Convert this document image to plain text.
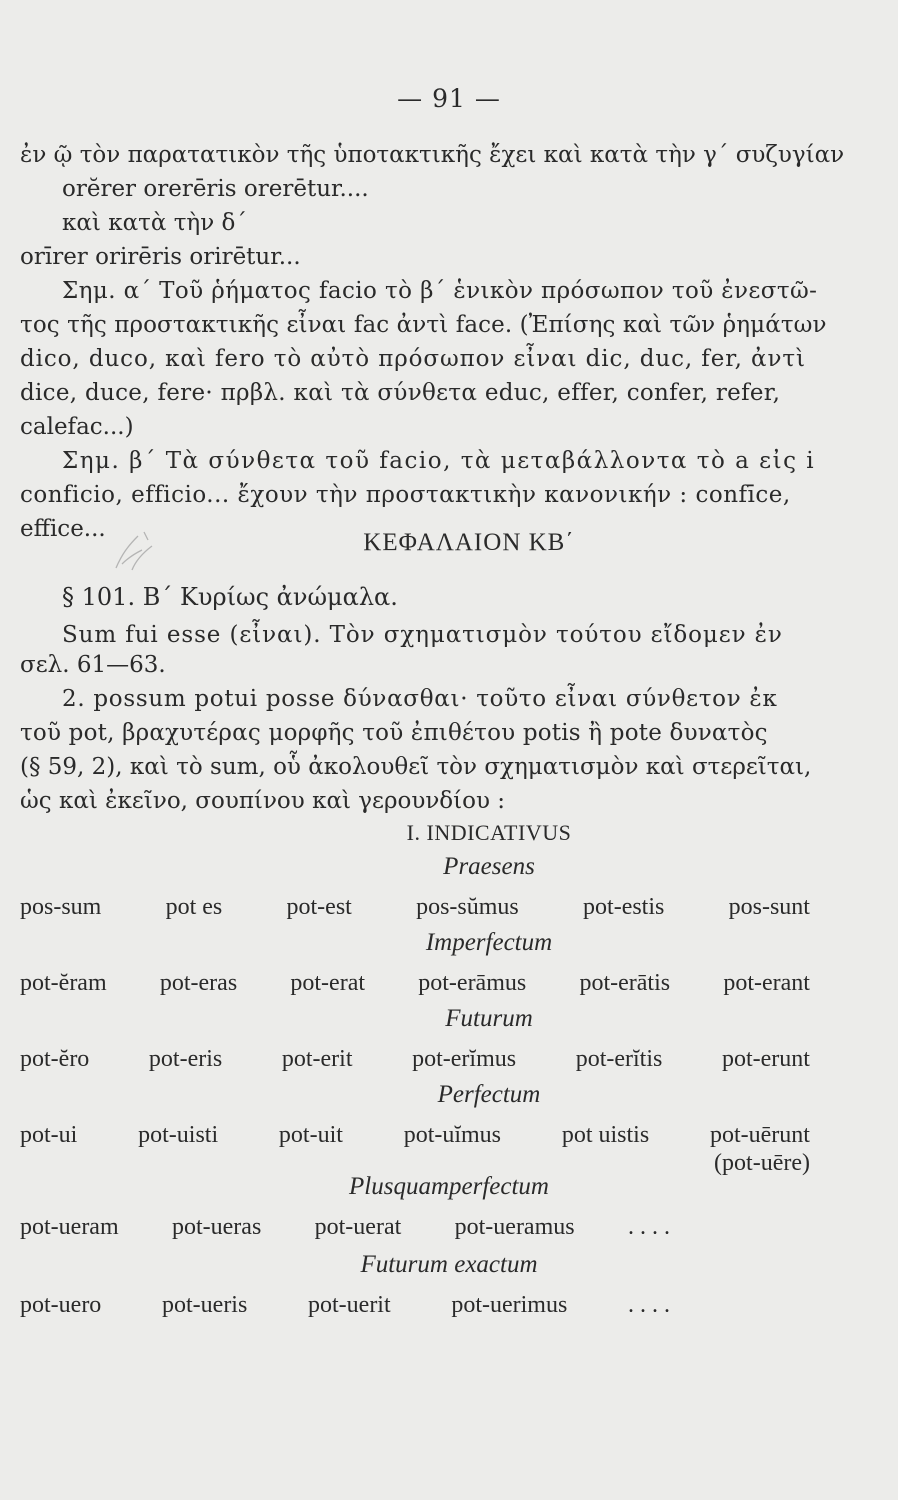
— 91 —
ἐν ῷ τὸν παρατατικὸν τῆς ὑποτακτικῆς ἔχει καὶ κατὰ τὴν γ΄ συζυγίαν
orĕrer orerēris orerētur....
καὶ κατὰ τὴν δ΄
orīrer orirēris orirētur...
Σημ. α΄ Τοῦ ῥήματος facio τὸ β΄ ἑνικὸν πρόσωπον τοῦ ἐνεστῶ-
τος τῆς προστακτικῆς εἶναι fac ἀντὶ face. (Ἐπίσης καὶ τῶν ῥημάτων
dico, duco, καὶ fero τὸ αὐτὸ πρόσωπον εἶναι dic, duc, fer, ἀντὶ
dice, duce, fere· πρβλ. καὶ τὰ σύνθετα educ, effer, confer, refer,
calefac...)
Σημ. β΄ Τὰ σύνθετα τοῦ facio, τὰ μεταβάλλοντα τὸ a εἰς i
conficio, efficio... ἔχουν τὴν προστακτικὴν κανονικήν : confīce,
effice...	ΚΕΦΑΛΑΙΟΝ ΚΒ΄
§ 101. Β΄ Κυρίως ἀνώμαλα.
Sum fui esse (εἶναι). Τὸν σχηματισμὸν τούτου εἴδομεν ἐν
σελ. 61—63.
2. possum potui posse δύνασθαι· τοῦτο εἶναι σύνθετον ἐκ
τοῦ pot, βραχυτέρας μορφῆς τοῦ ἐπιθέτου potis ἢ pote δυνατὸς
(§ 59, 2), καὶ τὸ sum, οὗ ἀκολουθεῖ τὸν σχηματισμὸν καὶ στερεῖται,
ὡς καὶ ἐκεῖνο, σουπίνου καὶ γερουνδίου :
I. INDICATIVUS
Praesens
pos-sum	pot es	pot-est	pos-sŭmus	pot-estis	pos-sunt
Imperfectum
pot-ĕram pot-eras pot-erat pot-erāmus pot-erātis pot-erant
Futurum
pot-ĕro pot-eris pot-erit pot-erĭmus pot-erĭtis pot-erunt
Perfectum
pot-ui	pot-uisti	pot-uit	pot-uĭmus	pot uistis	pot-uērunt
(pot-uēre)
Plusquamperfectum
pot-ueram pot-ueras pot-uerat pot-ueramus . . . .
Futurum exactum
pot-uero	pot-ueris	pot-uerit	pot-uerimus	. . . .
